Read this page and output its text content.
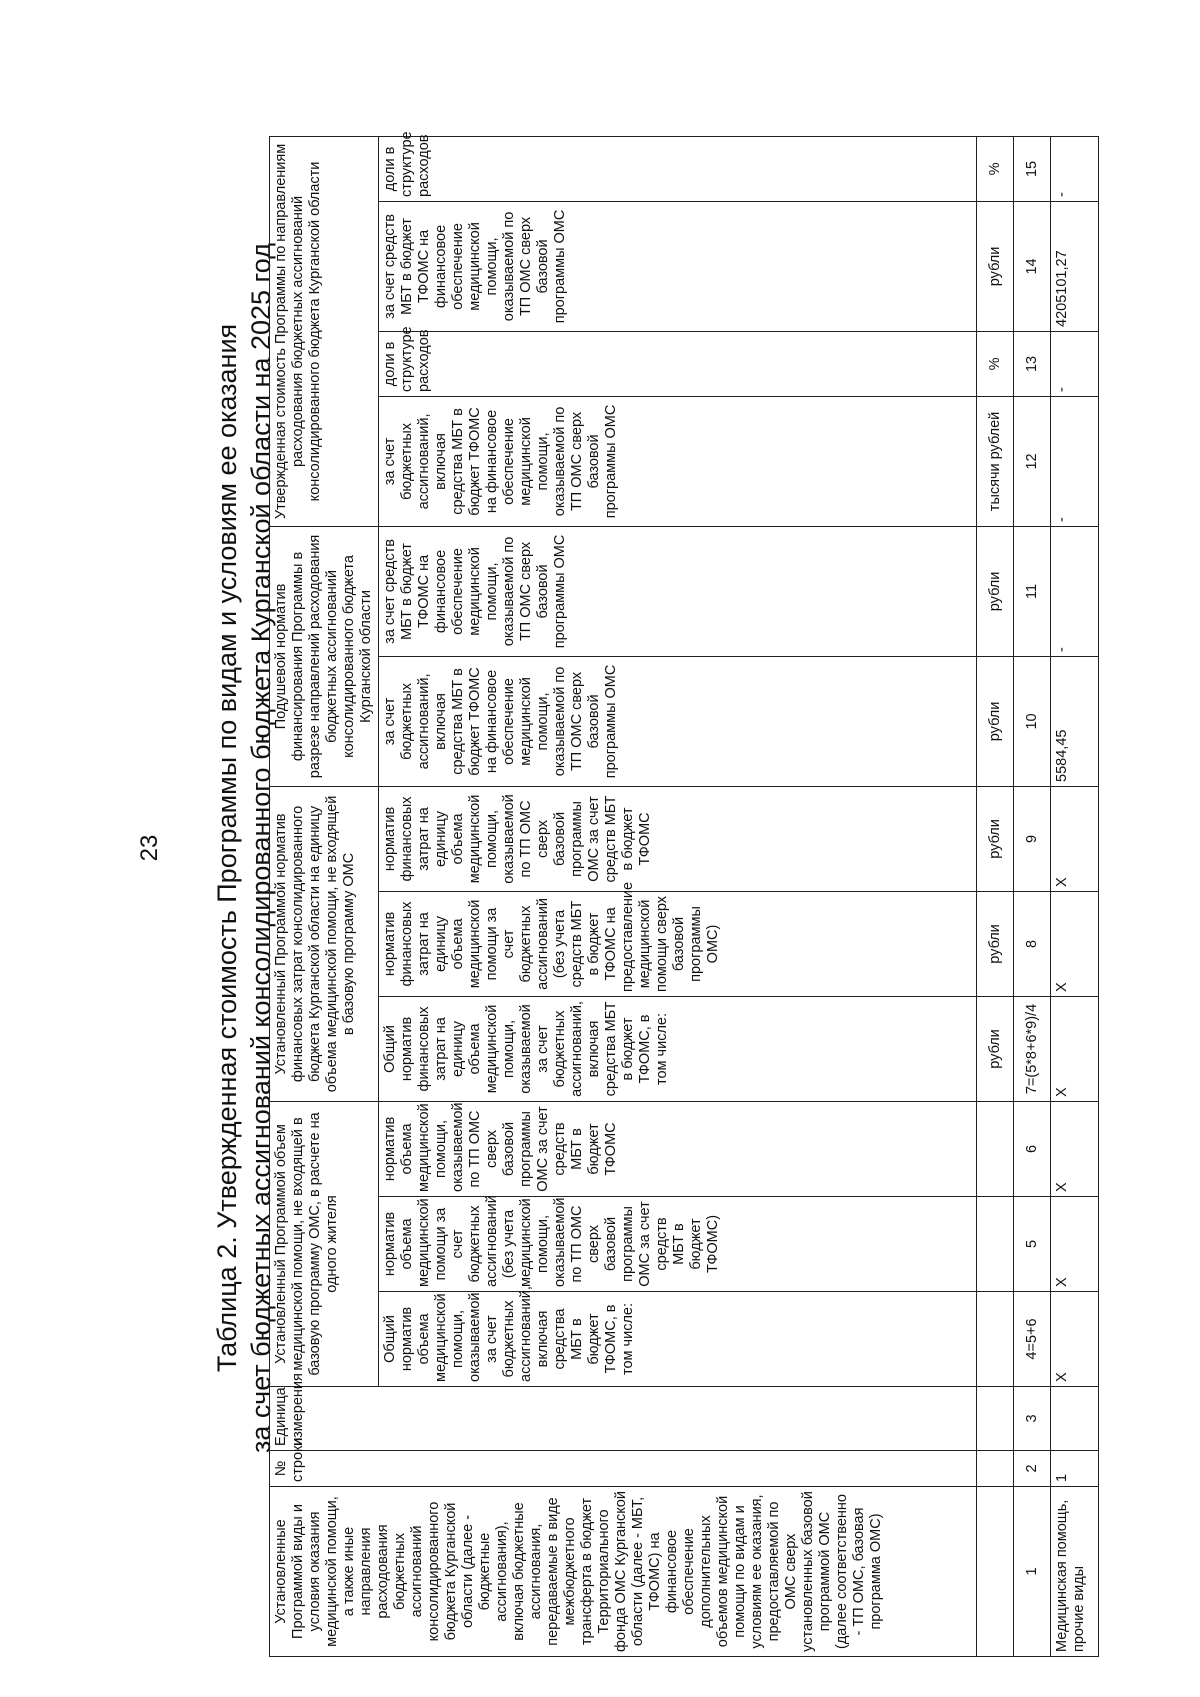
23 Таблица 2. Утвержденная стоимость Программы по видам и условиям ее оказания за счет бюджетных ассигнований консолидированного бюджета Курганской области на 2025 год
Установленные Программой виды и условия оказания медицинской помощи, а также иные направления расходования бюджетных ассигнований консолидированного бюджета Курганской области (далее - бюджетные ассигнования), включая бюджетные ассигнования, передаваемые в виде межбюджетного трансферта в бюджет Территориального фонда ОМС Курганской области (далее - МБТ, ТФОМС) на финансовое обеспечение дополнительных объемов медицинской помощи по видам и условиям ее оказания, предоставляемой по ОМС сверх установленных базовой программой ОМС (далее соответственно - ТП ОМС, базовая программа ОМС)	№ строки	Единица измерения	Установленный Программой объем медицинской помощи, не входящей в базовую программу ОМС, в расчете на одного жителя			Установленный Программой норматив финансовых затрат консолидированного бюджета Курганской области на единицу объема медицинской помощи, не входящей в базовую программу ОМС			Подушевой норматив финансирования Программы в разрезе направлений расходования бюджетных ассигнований консолидированного бюджета Курганской области		Утвержденная стоимость Программы по направлениям расходования бюджетных ассигнований консолидированного бюджета Курганской области			
			Общий норматив объема медицинской помощи, оказываемой за счет бюджетных ассигнований, включая средства МБТ в бюджет ТФОМС, в том числе:	норматив объема медицинской помощи за счет бюджетных ассигнований (без учета медицинской помощи, оказываемой по ТП ОМС сверх базовой программы ОМС за счет средств МБТ в бюджет ТФОМС)	норматив объема медицинской помощи, оказываемой по ТП ОМС сверх базовой программы ОМС за счет средств МБТ в бюджет ТФОМС	Общий норматив финансовых затрат на единицу объема медицинской помощи, оказываемой за счет бюджетных ассигнований, включая средства МБТ в бюджет ТФОМС, в том числе:	норматив финансовых затрат на единицу объема медицинской помощи за счет бюджетных ассигнований (без учета средств МБТ в бюджет ТФОМС на предоставление медицинской помощи сверх базовой программы ОМС)	норматив финансовых затрат на единицу объема медицинской помощи, оказываемой по ТП ОМС сверх базовой программы ОМС за счет средств МБТ в бюджет ТФОМС	за счет бюджетных ассигнований, включая средства МБТ в бюджет ТФОМС на финансовое обеспечение медицинской помощи, оказываемой по ТП ОМС сверх базовой программы ОМС	за счет средств МБТ в бюджет ТФОМС на финансовое обеспечение медицинской помощи, оказываемой по ТП ОМС сверх базовой программы ОМС	за счет бюджетных ассигнований, включая средства МБТ в бюджет ТФОМС на финансовое обеспечение медицинской помощи, оказываемой по ТП ОМС сверх базовой программы ОМС	доли в структуре расходов	за счет средств МБТ в бюджет ТФОМС на финансовое обеспечение медицинской помощи, оказываемой по ТП ОМС сверх базовой программы ОМС	доли в структуре расходов
						рубли	рубли	рубли	рубли	рубли	тысячи рублей	%	рубли	%
1	2	3	4=5+6	5	6	7=(5*8+6*9)/4	8	9	10	11	12	13	14	15
Медицинская помощь, прочие виды	1		X	X	X	X	X	X	5584,45	-	-	-	4205101,27	-
